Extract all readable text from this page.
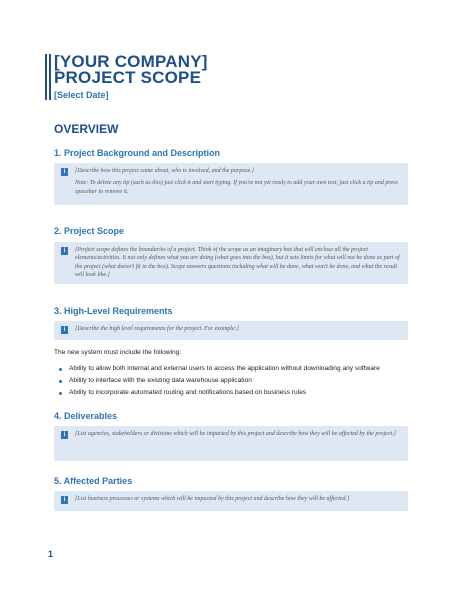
[YOUR COMPANY]
PROJECT SCOPE
[Select Date]
OVERVIEW
1. Project Background and Description
i	[Describe how this project came about, who is involved, and the purpose.]

Note: To delete any tip (such as this) just click it and start typing. If you're not yet ready to add your own text, just click a tip and press spacebar to remove it.

2. Project Scope
i	[Project scope defines the boundaries of a project. Think of the scope as an imaginary box that will enclose all the project elements/activities. It not only defines what you are doing (what goes into the box), but it sets limits for what will not be done as part of the project (what doesn't fit in the box). Scope answers questions including what will be done, what won't be done, and what the result will look like.]

3. High-Level Requirements
i	[Describe the high level requirements for the project. For example:]

The new system must include the following:
Ability to allow both internal and external users to access the application without downloading any software
Ability to interface with the existing data warehouse application
Ability to incorporate automated routing and notifications based on business rules
4. Deliverables
i	[List agencies, stakeholders or divisions which will be impacted by this project and describe how they will be affected by the project.]

5. Affected Parties
i	[List business processes or systems which will be impacted by this project and describe how they will be affected.]

1
